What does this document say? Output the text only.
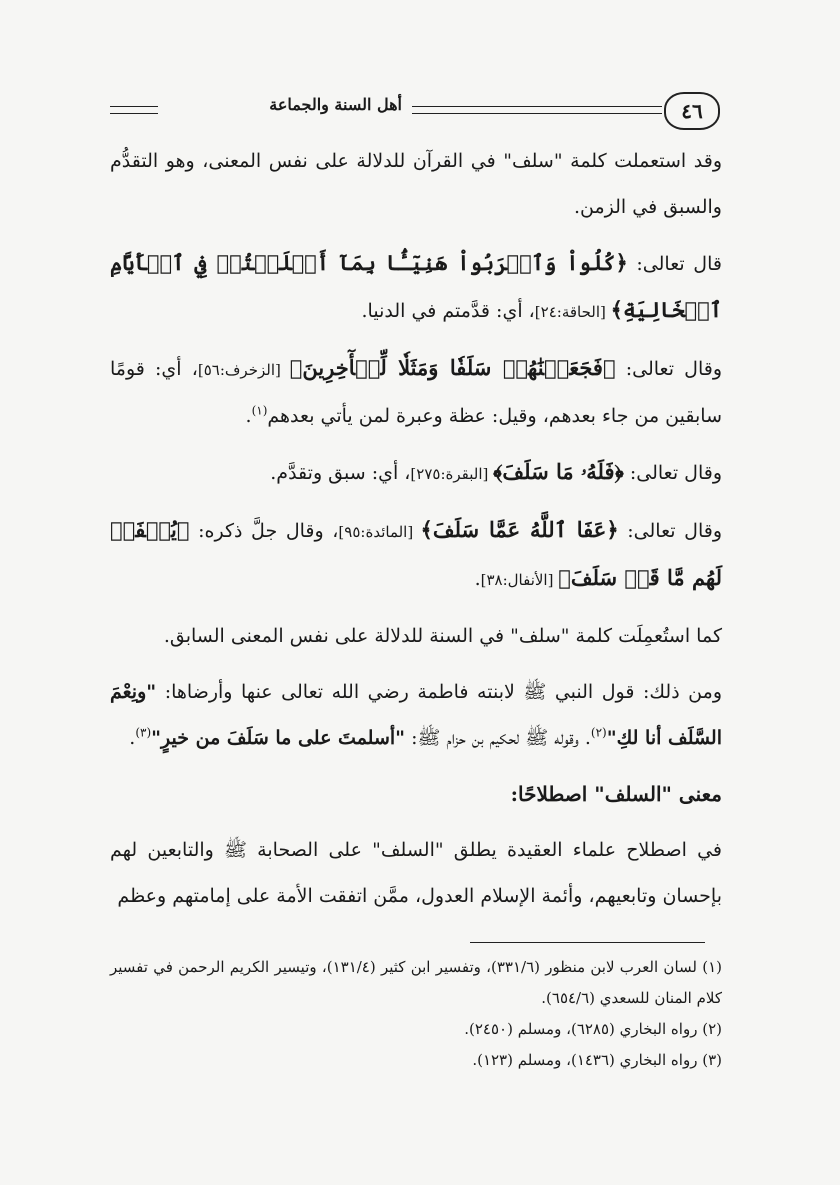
٤٦
أهل السنة والجماعة

وقد استعملت كلمة "سلف" في القرآن للدلالة على نفس المعنى، وهو التقدُّم والسبق في الزمن.

قال تعالى: ﴿كُلُواْ وَٱشۡرَبُواْ هَنِيٓـَٔۢا بِمَآ أَسۡلَفۡتُمۡ فِي ٱلۡأَيَّامِ ٱلۡخَالِيَةِ﴾ [الحاقة:٢٤]، أي: قدَّمتم في الدنيا.

وقال تعالى: ﴿فَجَعَلۡنَٰهُمۡ سَلَفٗا وَمَثَلٗا لِّلۡأٓخِرِينَ﴾ [الزخرف:٥٦]، أي: قومًا سابقين من جاء بعدهم، وقيل: عظة وعبرة لمن يأتي بعدهم$^{(١)}$.

وقال تعالى: ﴿فَلَهُۥ مَا سَلَفَ﴾ [البقرة:٢٧٥]، أي: سبق وتقدَّم.

وقال تعالى: ﴿عَفَا ٱللَّهُ عَمَّا سَلَفَ﴾ [المائدة:٩٥]، وقال جلَّ ذكره: ﴿يُغۡفَرۡ لَهُم مَّا قَدۡ سَلَفَ﴾ [الأنفال:٣٨].

كما استُعمِلَت كلمة "سلف" في السنة للدلالة على نفس المعنى السابق.

ومن ذلك: قول النبي ﷺ لابنته فاطمة رضي الله تعالى عنها وأرضاها: "ونِعْمَ السَّلَف أنا لكِ"$^{(٢)}$. وقوله ﷺ لحكيم بن حزام ﷺ: "أسلمتَ على ما سَلَفَ من خيرٍ"$^{(٣)}$.

معنى "السلف" اصطلاحًا:

في اصطلاح علماء العقيدة يطلق "السلف" على الصحابة ﷺ والتابعين لهم بإحسان وتابعيهم، وأئمة الإسلام العدول، ممَّن اتفقت الأمة على إمامتهم وعظم

(١) لسان العرب لابن منظور (٣٣١/٦)، وتفسير ابن كثير (١٣١/٤)، وتيسير الكريم الرحمن في تفسير كلام المنان للسعدي (٦٥٤/٦).

(٢) رواه البخاري (٦٢٨٥)، ومسلم (٢٤٥٠).

(٣) رواه البخاري (١٤٣٦)، ومسلم (١٢٣).
